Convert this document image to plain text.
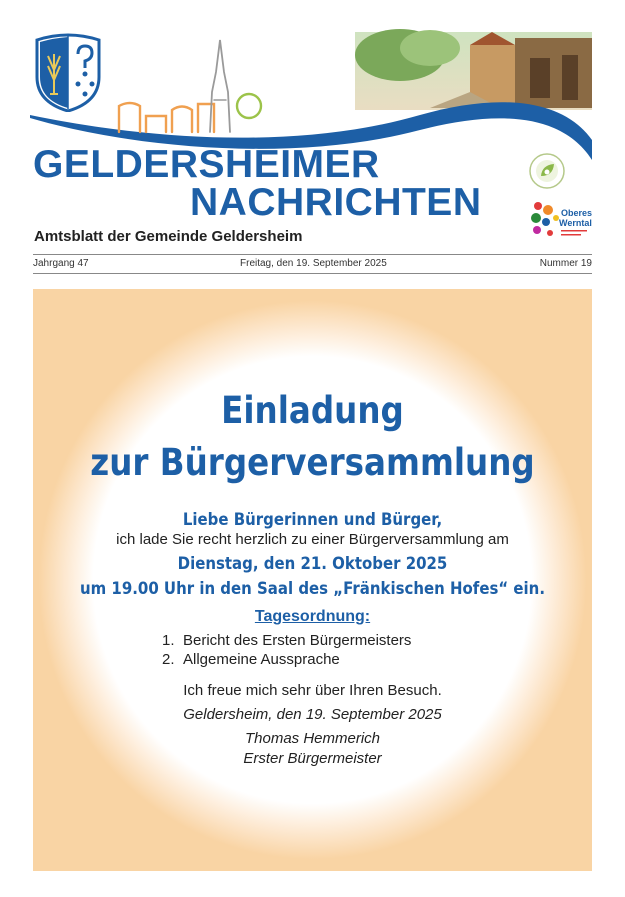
GELDERSHEIMER
NACHRICHTEN
Amtsblatt der Gemeinde Geldersheim
Oberes
Werntal
Jahrgang 47	Freitag, den 19. September 2025	Nummer 19
Einladung
zur Bürgerversammlung
Liebe Bürgerinnen und Bürger,
ich lade Sie recht herzlich zu einer Bürgerversammlung am
Dienstag, den 21. Oktober 2025
um 19.00 Uhr in den Saal des „Fränkischen Hofes“ ein.
Tagesordnung:
1. Bericht des Ersten Bürgermeisters
2. Allgemeine Aussprache
Ich freue mich sehr über Ihren Besuch.
Geldersheim, den 19. September 2025
Thomas Hemmerich
Erster Bürgermeister
